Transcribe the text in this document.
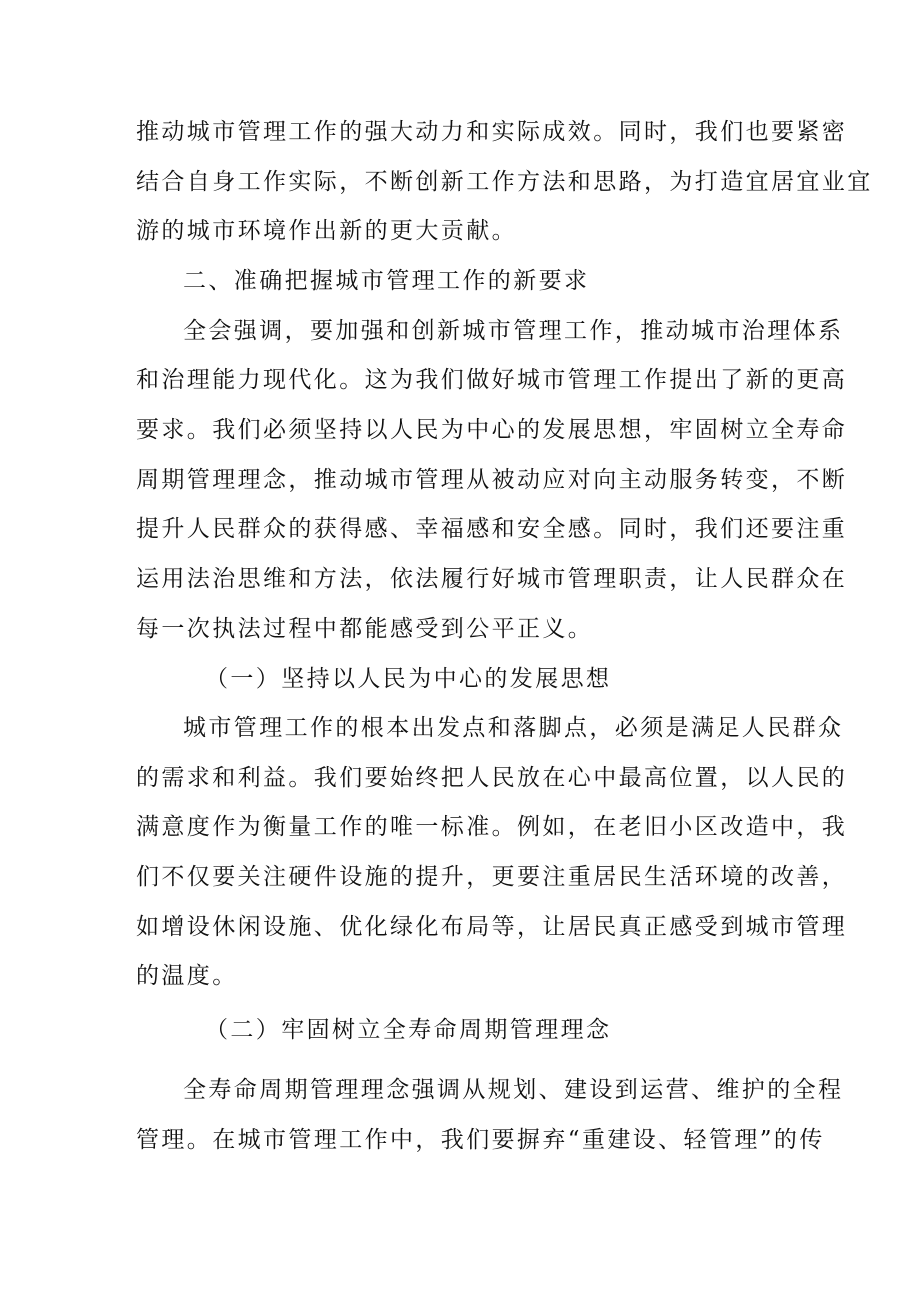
推动城市管理工作的强大动力和实际成效。同时，我们也要紧密
结合自身工作实际，不断创新工作方法和思路，为打造宜居宜业宜
游的城市环境作出新的更大贡献。
二、准确把握城市管理工作的新要求
全会强调，要加强和创新城市管理工作，推动城市治理体系
和治理能力现代化。这为我们做好城市管理工作提出了新的更高
要求。我们必须坚持以人民为中心的发展思想，牢固树立全寿命
周期管理理念，推动城市管理从被动应对向主动服务转变，不断
提升人民群众的获得感、幸福感和安全感。同时，我们还要注重
运用法治思维和方法，依法履行好城市管理职责，让人民群众在
每一次执法过程中都能感受到公平正义。
（一）坚持以人民为中心的发展思想
城市管理工作的根本出发点和落脚点，必须是满足人民群众
的需求和利益。我们要始终把人民放在心中最高位置，以人民的
满意度作为衡量工作的唯一标准。例如，在老旧小区改造中，我
们不仅要关注硬件设施的提升，更要注重居民生活环境的改善，
如增设休闲设施、优化绿化布局等，让居民真正感受到城市管理
的温度。
（二）牢固树立全寿命周期管理理念
全寿命周期管理理念强调从规划、建设到运营、维护的全程
管理。在城市管理工作中，我们要摒弃“重建设、轻管理”的传
